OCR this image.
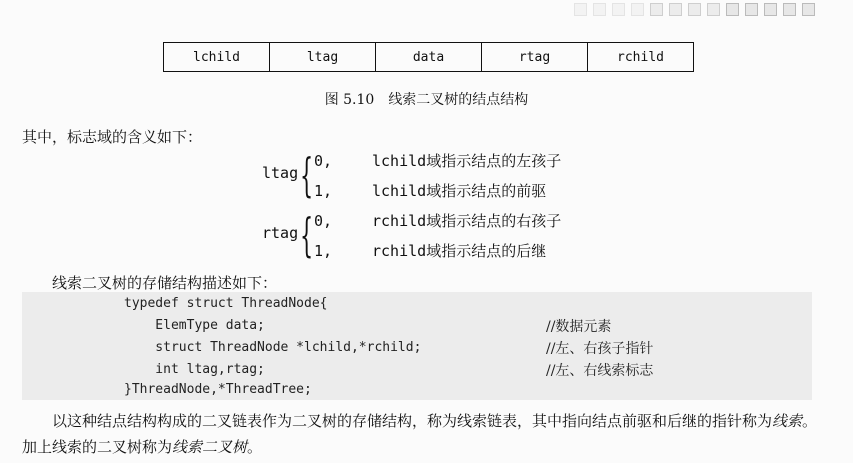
lchild	ltag	data	rtag	rchild
图 5.10 线索二叉树的结点结构
其中，标志域的含义如下：
ltag { 0,	lchild域指示结点的左孩子
1,	lchild域指示结点的前驱
rtag { 0,	rchild域指示结点的右孩子
1,	rchild域指示结点的后继
线索二叉树的存储结构描述如下：
typedef struct ThreadNode{
ElemType data;	//数据元素
struct ThreadNode *lchild,*rchild;	//左、右孩子指针
int ltag,rtag;	//左、右线索标志
}ThreadNode,*ThreadTree;
以这种结点结构构成的二叉链表作为二叉树的存储结构，称为线索链表，其中指向结点前驱和后继的指针称为线索。加上线索的二叉树称为线索二叉树。
